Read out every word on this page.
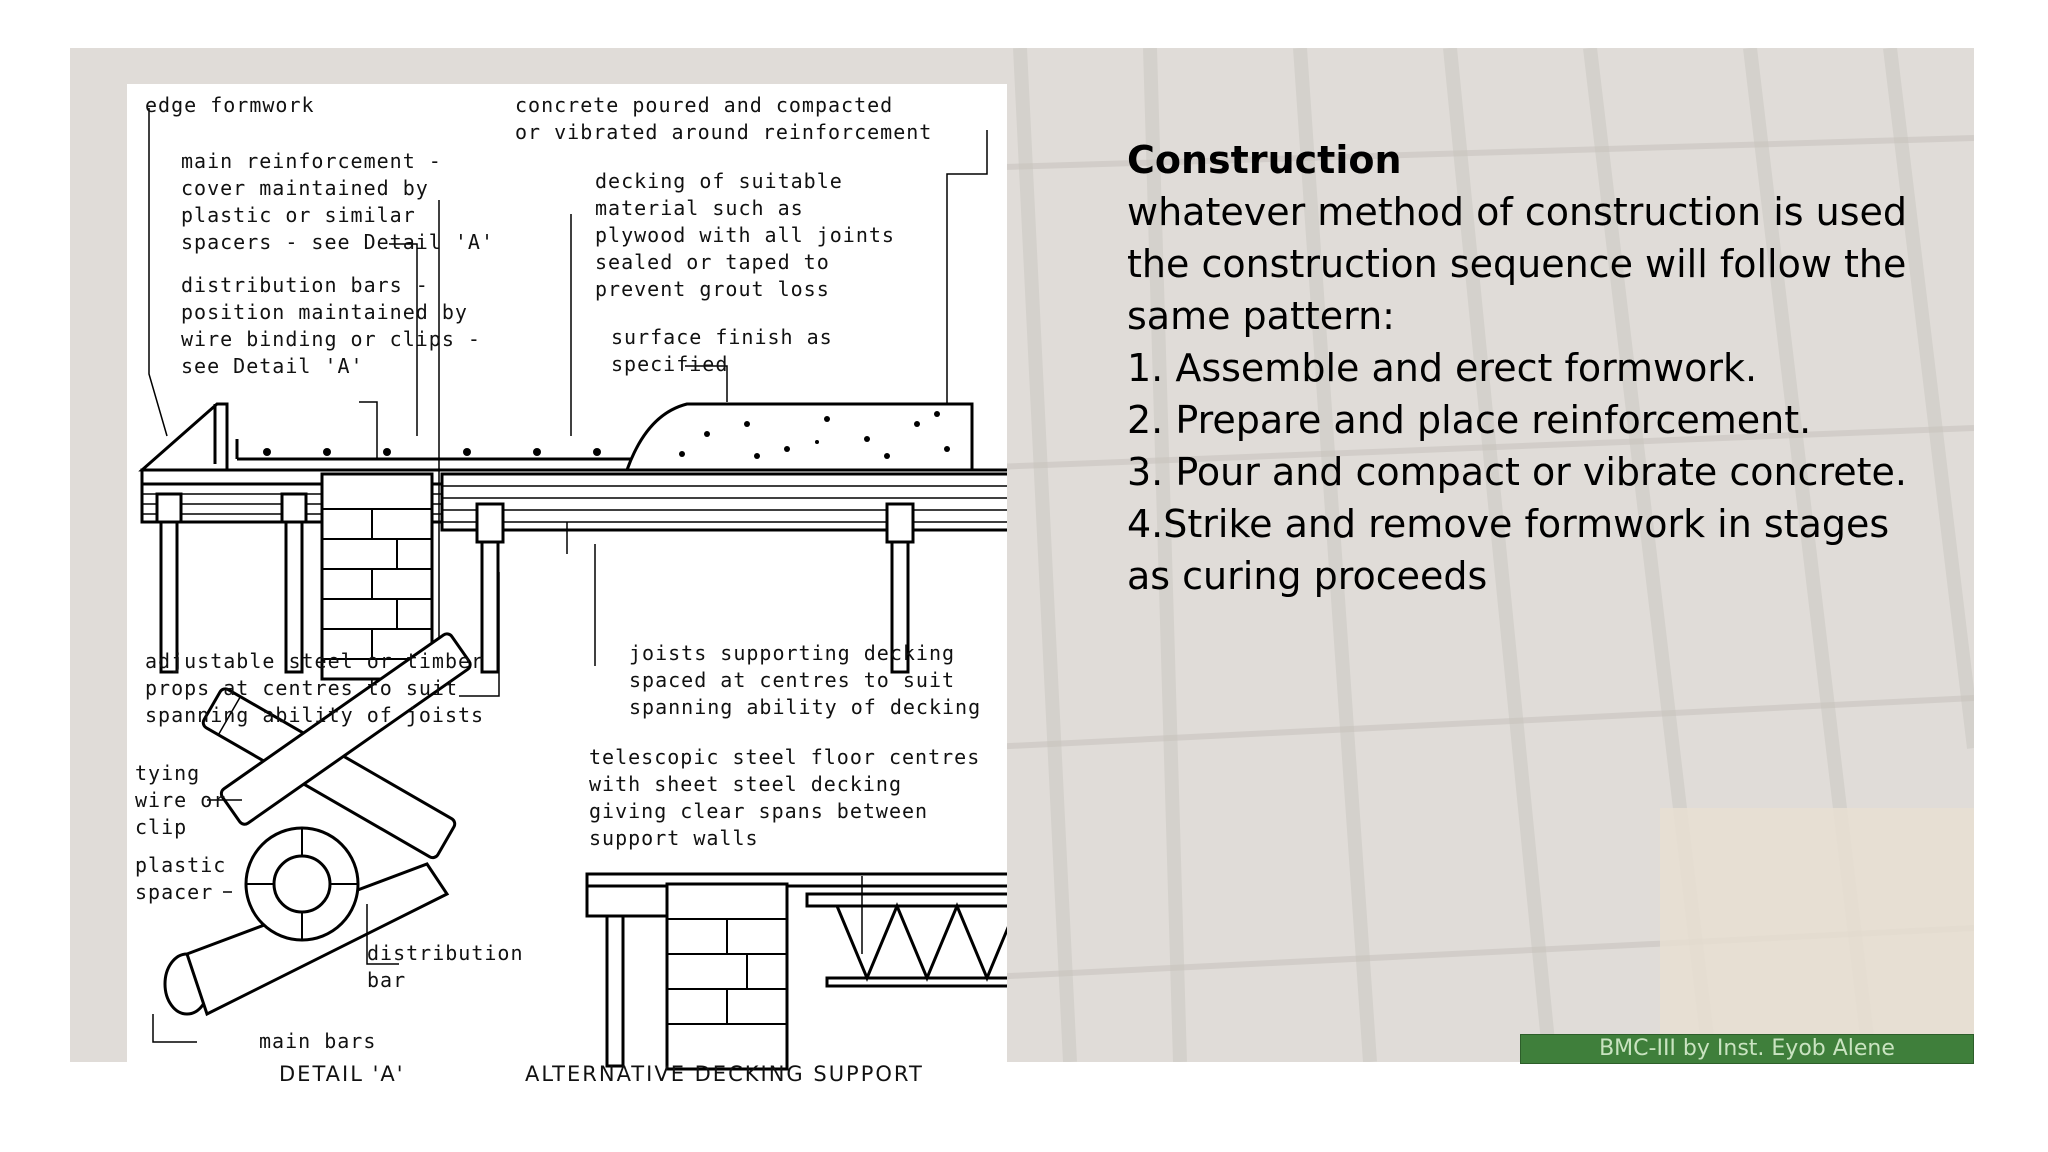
edge formwork	concrete poured and compacted
or vibrated around reinforcement
main reinforcement -
cover maintained by
plastic or similar
spacers - see Detail 'A'
decking of suitable
material such as
plywood with all joints
sealed or taped to
prevent grout loss
distribution bars -
position maintained by
wire binding or clips -
see Detail 'A'
surface finish as
specified
adjustable steel or timber
props at centres to suit
spanning ability of joists
joists supporting decking
spaced at centres to suit
spanning ability of decking
telescopic steel floor centres
with sheet steel decking
giving clear spans between
support walls
tying
wire or
clip
plastic
spacer
distribution
bar
main bars
DETAIL 'A'	ALTERNATIVE DECKING SUPPORT
Construction
whatever method of construction is used
the construction sequence will follow the
same pattern:
1. Assemble and erect formwork.
2. Prepare and place reinforcement.
3. Pour and compact or vibrate concrete.
4.Strike and remove formwork in stages
as curing proceeds
BMC-III by Inst. Eyob Alene
